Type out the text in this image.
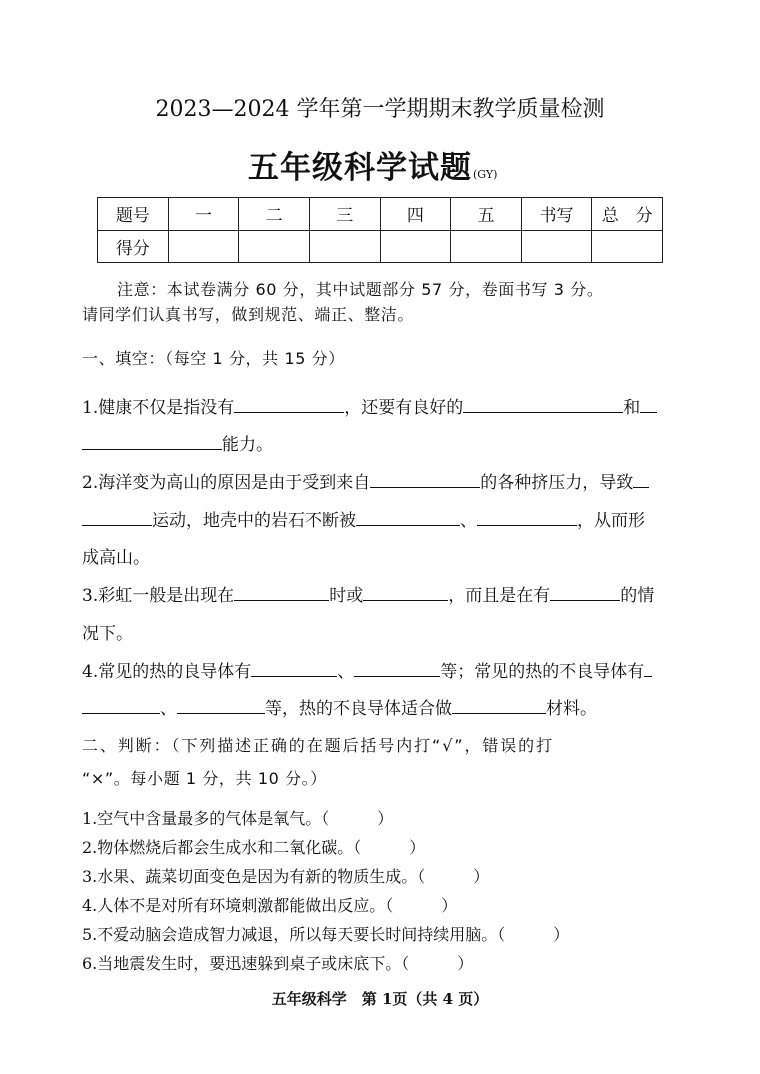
2023—2024 学年第一学期期末教学质量检测
五年级科学试题(GY)
题号	一	二	三	四	五	书写	总　分
得分							
注意：本试卷满分 60 分，其中试题部分 57 分，卷面书写 3 分。
请同学们认真书写，做到规范、端正、整洁。
一、填空：（每空 1 分，共 15 分）
1.健康不仅是指没有	，还要有良好的	和
能力。
2.海洋变为高山的原因是由于受到来自	的各种挤压力，导致
运动，地壳中的岩石不断被	、	，从而形
成高山。
3.彩虹一般是出现在	时或	，而且是在有	的情
况下。
4.常见的热的良导体有	、	等；常见的热的不良导体有
、	等，热的不良导体适合做	材料。
二、判断：（下列描述正确的在题后括号内打“√”，错误的打
“×”。每小题 1 分，共 10 分。）
1.空气中含量最多的气体是氧气。（　　　）
2.物体燃烧后都会生成水和二氧化碳。（　　　）
3.水果、蔬菜切面变色是因为有新的物质生成。（　　　）
4.人体不是对所有环境刺激都能做出反应。（　　　）
5.不爱动脑会造成智力减退，所以每天要长时间持续用脑。（　　　）
6.当地震发生时，要迅速躲到桌子或床底下。（　　　）
五年级科学　第 1页（共 4 页）
